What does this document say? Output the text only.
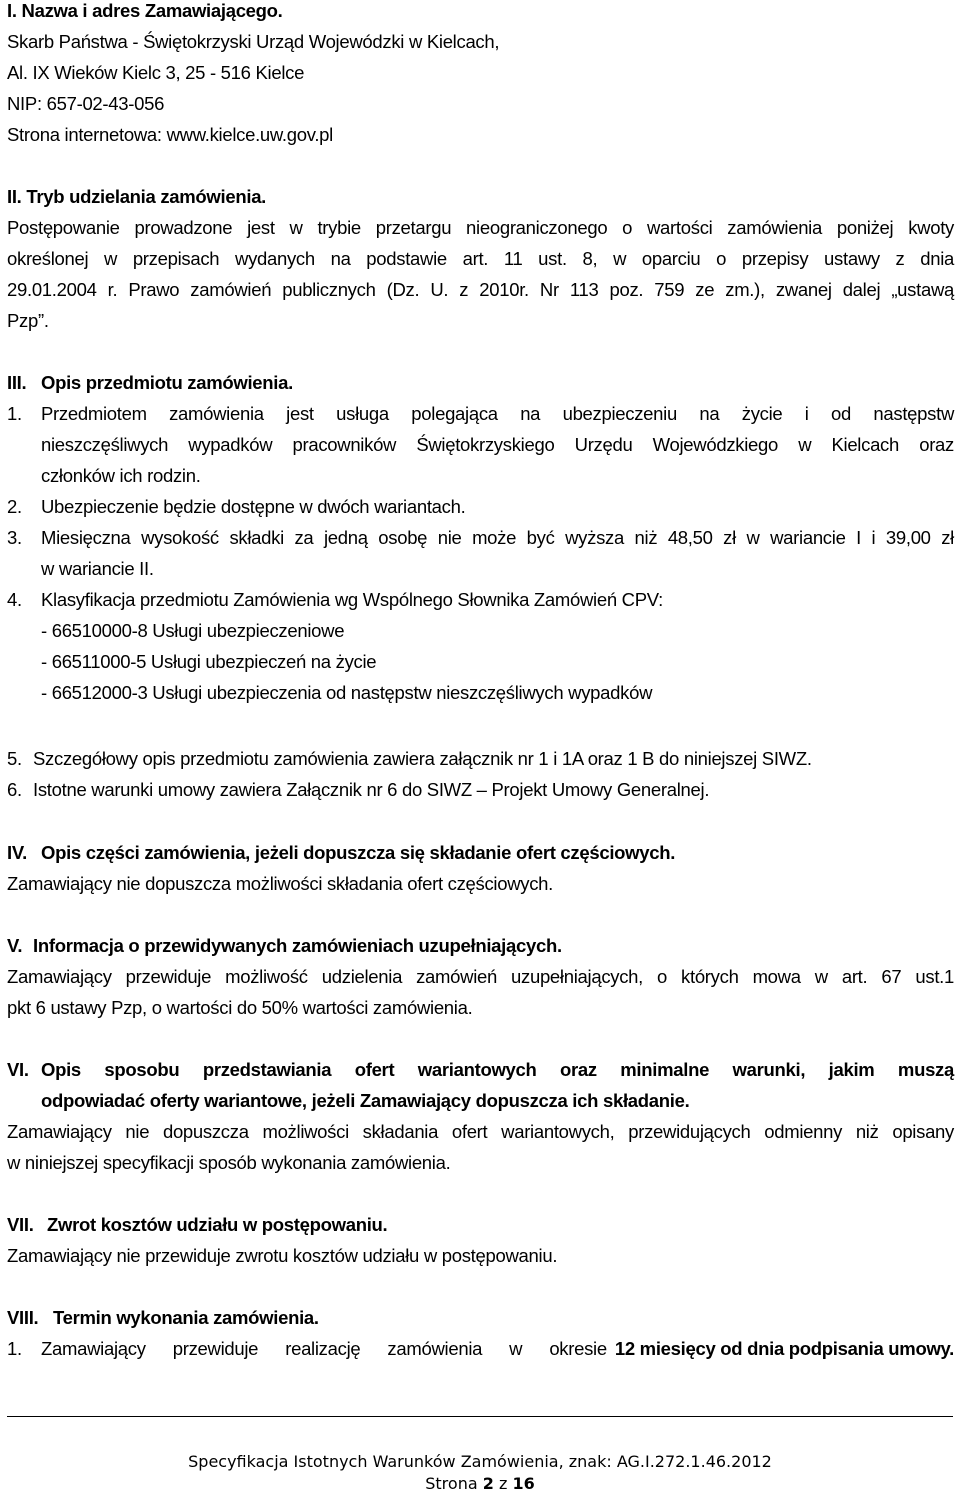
I. Nazwa i adres Zamawiającego.
Skarb Państwa - Świętokrzyski Urząd Wojewódzki w Kielcach,
Al. IX Wieków Kielc 3, 25 - 516 Kielce
NIP: 657-02-43-056
Strona internetowa: www.kielce.uw.gov.pl
II. Tryb udzielania zamówienia.
Postępowanie prowadzone jest w trybie przetargu nieograniczonego o wartości zamówienia poniżej kwoty
określonej w przepisach wydanych na podstawie art. 11 ust. 8, w oparciu o przepisy ustawy z dnia
29.01.2004 r. Prawo zamówień publicznych (Dz. U. z 2010r. Nr 113 poz. 759 ze zm.), zwanej dalej „ustawą
Pzp”.
III. Opis przedmiotu zamówienia.
1. Przedmiotem zamówienia jest usługa polegająca na ubezpieczeniu na życie i od następstw
nieszczęśliwych wypadków pracowników Świętokrzyskiego Urzędu Wojewódzkiego w Kielcach oraz
członków ich rodzin.
2. Ubezpieczenie będzie dostępne w dwóch wariantach.
3. Miesięczna wysokość składki za jedną osobę nie może być wyższa niż 48,50 zł w wariancie I i 39,00 zł
w wariancie II.
4. Klasyfikacja przedmiotu Zamówienia wg Wspólnego Słownika Zamówień CPV:
- 66510000-8 Usługi ubezpieczeniowe
- 66511000-5 Usługi ubezpieczeń na życie
- 66512000-3 Usługi ubezpieczenia od następstw nieszczęśliwych wypadków
5. Szczegółowy opis przedmiotu zamówienia zawiera załącznik nr 1 i 1A oraz 1 B do niniejszej SIWZ.
6. Istotne warunki umowy zawiera Załącznik nr 6 do SIWZ – Projekt Umowy Generalnej.
IV. Opis części zamówienia, jeżeli dopuszcza się składanie ofert częściowych.
Zamawiający nie dopuszcza możliwości składania ofert częściowych.
V. Informacja o przewidywanych zamówieniach uzupełniających.
Zamawiający przewiduje możliwość udzielenia zamówień uzupełniających, o których mowa w art. 67 ust.1
pkt 6 ustawy Pzp, o wartości do 50% wartości zamówienia.
VI. Opis sposobu przedstawiania ofert wariantowych oraz minimalne warunki, jakim muszą
odpowiadać oferty wariantowe, jeżeli Zamawiający dopuszcza ich składanie.
Zamawiający nie dopuszcza możliwości składania ofert wariantowych, przewidujących odmienny niż opisany
w niniejszej specyfikacji sposób wykonania zamówienia.
VII. Zwrot kosztów udziału w postępowaniu.
Zamawiający nie przewiduje zwrotu kosztów udziału w postępowaniu.
VIII. Termin wykonania zamówienia.
1. Zamawiający przewiduje realizację zamówienia w okresie 12 miesięcy od dnia podpisania umowy.
Specyfikacja Istotnych Warunków Zamówienia, znak: AG.I.272.1.46.2012
Strona 2 z 16
